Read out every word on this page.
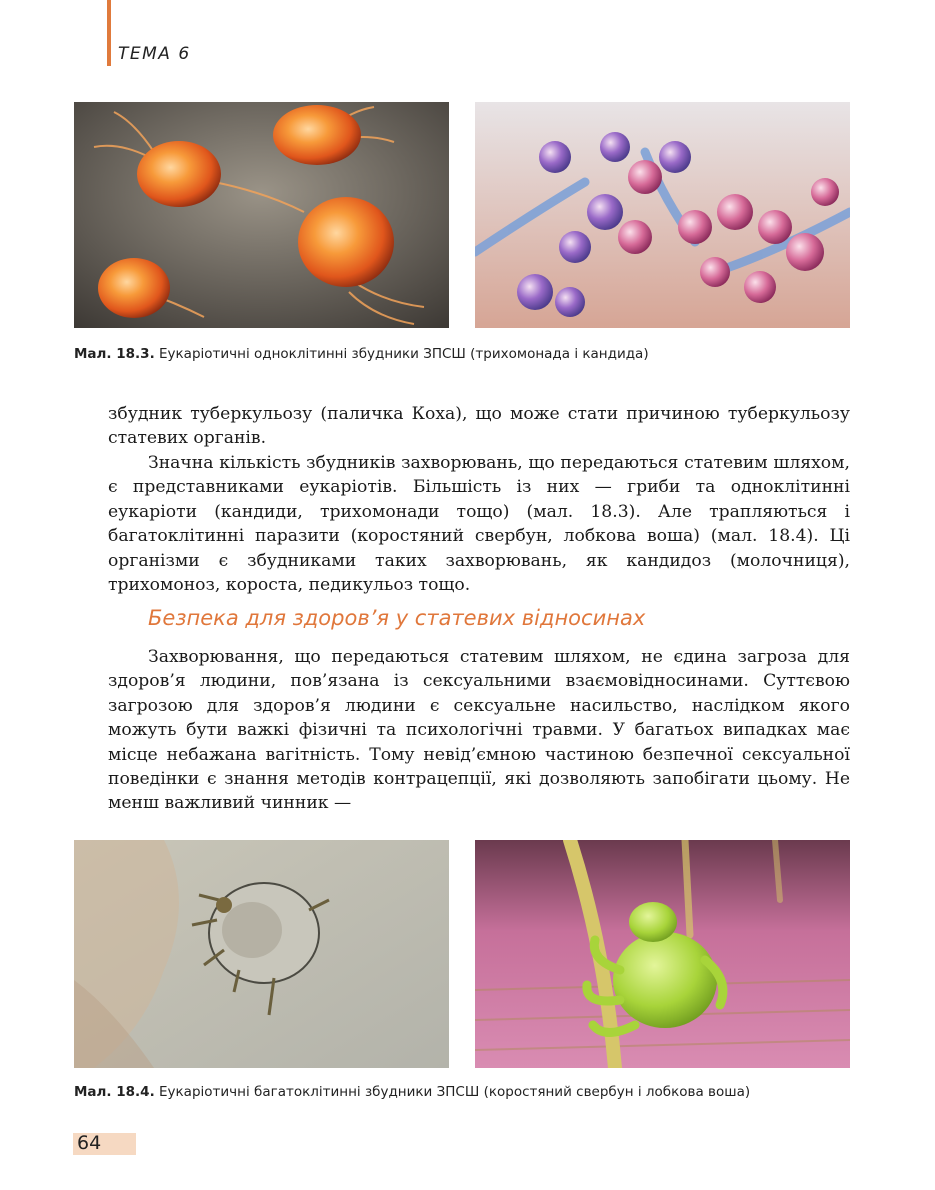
ТЕМА 6
Мал. 18.3. Еукаріотичні одноклітинні збудники ЗПСШ (трихомонада і кандида)

збудник туберкульозу (паличка Коха), що може стати причиною туберкульозу статевих органів.

Значна кількість збудників захворювань, що передаються статевим шляхом, є представниками еукаріотів. Більшість із них — гриби та одноклітинні еукаріоти (кандиди, трихомонади тощо) (мал. 18.3). Але трапляються і багатоклітинні паразити (коростяний свербун, лобкова воша) (мал. 18.4). Ці організми є збудниками таких захворювань, як кандидоз (молочниця), трихомоноз, короста, педикульоз тощо.

Безпека для здоров’я у статевих відносинах

Захворювання, що передаються статевим шляхом, не єдина загроза для здоров’я людини, пов’язана із сексуальними взаємовідносинами. Суттєвою загрозою для здоров’я людини є сексуальне насильство, наслідком якого можуть бути важкі фізичні та психологічні травми. У багатьох випадках має місце небажана вагітність. Тому невід’ємною частиною безпечної сексуальної поведінки є знання методів контрацепції, які дозволяють запобігати цьому. Не менш важливий чинник —

Мал. 18.4. Еукаріотичні багатоклітинні збудники ЗПСШ (коростяний свербун і лобкова воша)
64
